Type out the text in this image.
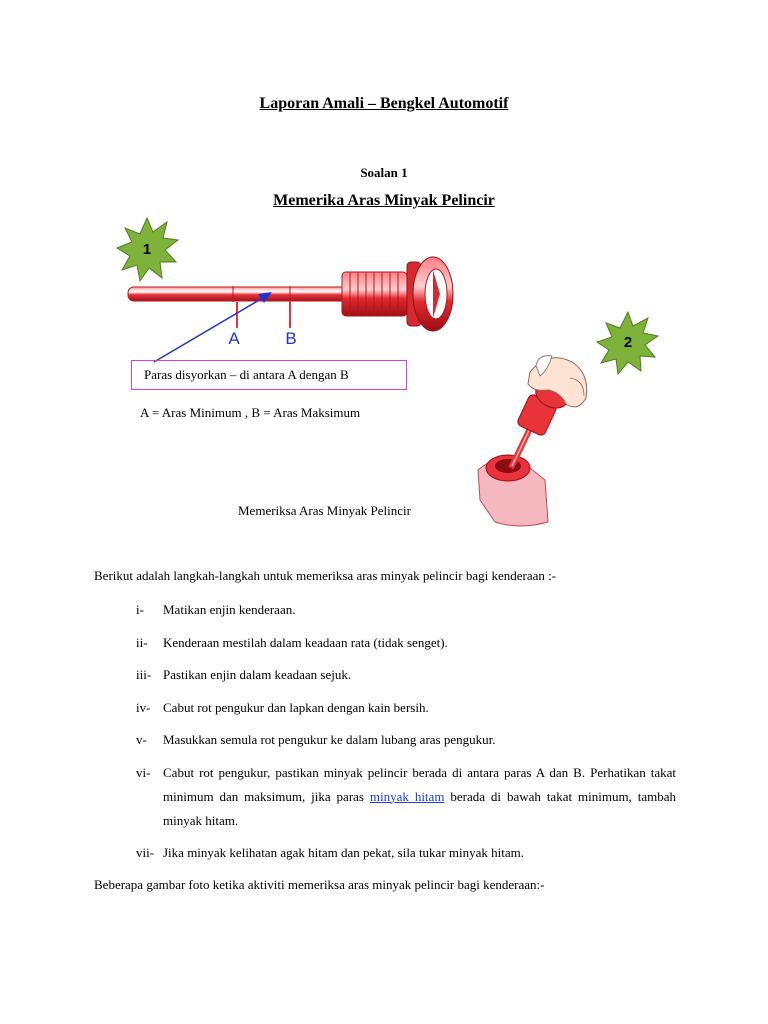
Laporan Amali – Bengkel Automotif
Soalan 1
Memerika Aras Minyak Pelincir
1
A	B	2
Paras disyorkan – di antara A dengan B
A = Aras Minimum , B = Aras Maksimum
Memeriksa Aras Minyak Pelincir
Berikut adalah langkah-langkah untuk memeriksa aras minyak pelincir bagi kenderaan :-
i-	Matikan enjin kenderaan.
ii-	Kenderaan mestilah dalam keadaan rata (tidak senget).
iii- Pastikan enjin dalam keadaan sejuk.
iv- Cabut rot pengukur dan lapkan dengan kain bersih.
v-	Masukkan semula rot pengukur ke dalam lubang aras pengukur.
vi- Cabut rot pengukur, pastikan minyak pelincir berada di antara paras A dan B. Perhatikan takat minimum dan maksimum, jika paras minyak hitam berada di bawah takat minimum, tambah minyak hitam.
vii- Jika minyak kelihatan agak hitam dan pekat, sila tukar minyak hitam.
Beberapa gambar foto ketika aktiviti memeriksa aras minyak pelincir bagi kenderaan:-
